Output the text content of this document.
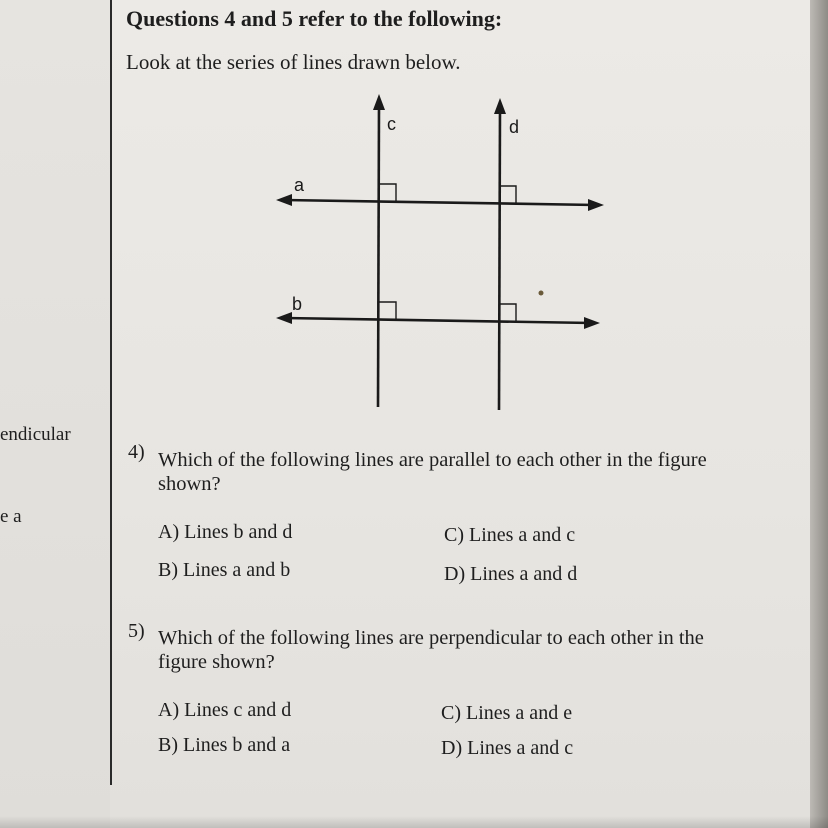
endicular
e a
Questions 4 and 5 refer to the following:
Look at the series of lines drawn below.
a
b
c	d
4) Which of the following lines are parallel to each other in the figure shown?
A) Lines b and d
B) Lines a and b
C) Lines a and c
D) Lines a and d
5) Which of the following lines are perpendicular to each other in the figure shown?
A) Lines c and d
B) Lines b and a
C) Lines a and e
D) Lines a and c
